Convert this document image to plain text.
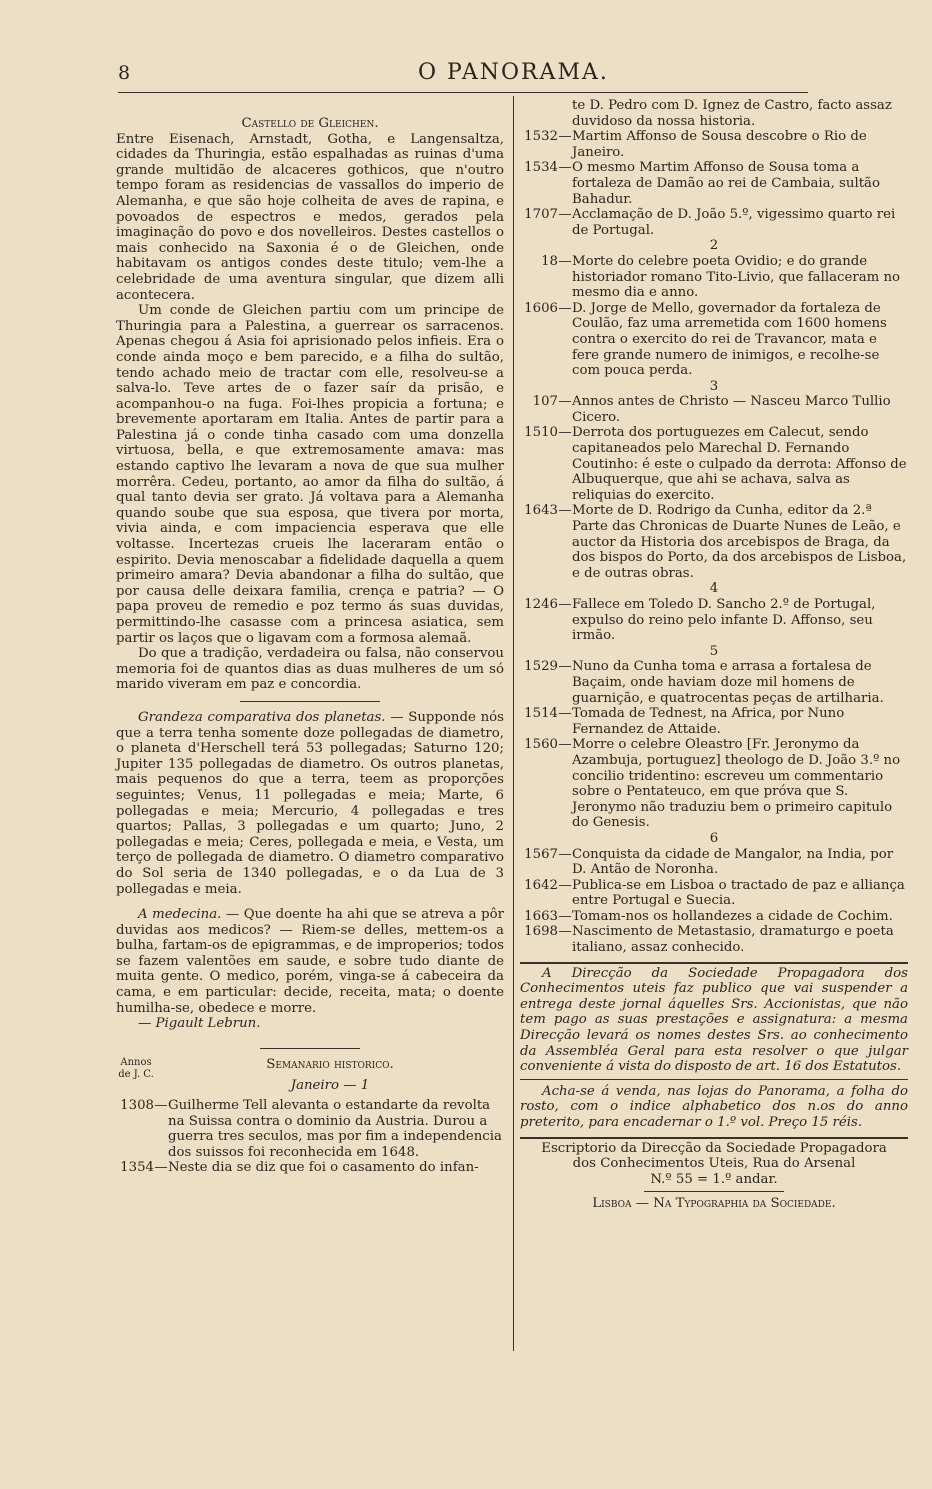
8	O PANORAMA.

Castello de Gleichen.

Entre Eisenach, Arnstadt, Gotha, e Langensaltza, cidades da Thuringia, estão espalhadas as ruinas d'uma grande multidão de alcaceres gothicos, que n'outro tempo foram as residencias de vassallos do imperio de Alemanha, e que são hoje colheita de aves de rapina, e povoados de espectros e medos, gerados pela imaginação do povo e dos novelleiros. Destes castellos o mais conhecido na Saxonia é o de Gleichen, onde habitavam os antigos condes deste titulo; vem-lhe a celebridade de uma aventura singular, que dizem alli acontecera.

Um conde de Gleichen partiu com um principe de Thuringia para a Palestina, a guerrear os sarracenos. Apenas chegou á Asia foi aprisionado pelos infieis. Era o conde ainda moço e bem parecido, e a filha do sultão, tendo achado meio de tractar com elle, resolveu-se a salva-lo. Teve artes de o fazer saír da prisão, e acompanhou-o na fuga. Foi-lhes propicia a fortuna; e brevemente aportaram em Italia. Antes de partir para a Palestina já o conde tinha casado com uma donzella virtuosa, bella, e que extremosamente amava: mas estando captivo lhe levaram a nova de que sua mulher morrêra. Cedeu, portanto, ao amor da filha do sultão, á qual tanto devia ser grato. Já voltava para a Alemanha quando soube que sua esposa, que tivera por morta, vivia ainda, e com impaciencia esperava que elle voltasse. Incertezas crueis lhe laceraram então o espirito. Devia menoscabar a fidelidade daquella a quem primeiro amara? Devia abandonar a filha do sultão, que por causa delle deixara familia, crença e patria? — O papa proveu de remedio e poz termo ás suas duvidas, permittindo-lhe casasse com a princesa asiatica, sem partir os laços que o ligavam com a formosa alemaã.

Do que a tradição, verdadeira ou falsa, não conservou memoria foi de quantos dias as duas mulheres de um só marido viveram em paz e concordia.

Grandeza comparativa dos planetas. — Supponde nós que a terra tenha somente doze pollegadas de diametro, o planeta d'Herschell terá 53 pollegadas; Saturno 120; Jupiter 135 pollegadas de diametro. Os outros planetas, mais pequenos do que a terra, teem as proporções seguintes; Venus, 11 pollegadas e meia; Marte, 6 pollegadas e meia; Mercurio, 4 pollegadas e tres quartos; Pallas, 3 pollegadas e um quarto; Juno, 2 pollegadas e meia; Ceres, pollegada e meia, e Vesta, um terço de pollegada de diametro. O diametro comparativo do Sol seria de 1340 pollegadas, e o da Lua de 3 pollegadas e meia.

A medecina. — Que doente ha ahi que se atreva a pôr duvidas aos medicos? — Riem-se delles, mettem-os a bulha, fartam-os de epigrammas, e de improperios; todos se fazem valentões em saude, e sobre tudo diante de muita gente. O medico, porém, vinga-se á cabeceira da cama, e em particular: decide, receita, mata; o doente humilha-se, obedece e morre.

— Pigault Lebrun.

Annos de J. C.
Semanario historico.
Janeiro — 1
1308 — Guilherme Tell alevanta o estandarte da revolta na Suissa contra o dominio da Austria. Durou a guerra tres seculos, mas por fim a independencia dos suissos foi reconhecida em 1648.
1354 — Neste dia se diz que foi o casamento do infan-
te D. Pedro com D. Ignez de Castro, facto assaz duvidoso da nossa historia.
1532 — Martim Affonso de Sousa descobre o Rio de Janeiro.
1534 — O mesmo Martim Affonso de Sousa toma a fortaleza de Damão ao rei de Cambaia, sultão Bahadur.
1707 — Acclamação de D. João 5.º, vigessimo quarto rei de Portugal.
2
18 — Morte do celebre poeta Ovidio; e do grande historiador romano Tito-Livio, que fallaceram no mesmo dia e anno.
1606 — D. Jorge de Mello, governador da fortaleza de Coulão, faz uma arremetida com 1600 homens contra o exercito do rei de Travancor, mata e fere grande numero de inimigos, e recolhe-se com pouca perda.
3
107 — Annos antes de Christo — Nasceu Marco Tullio Cicero.
1510 — Derrota dos portuguezes em Calecut, sendo capitaneados pelo Marechal D. Fernando Coutinho: é este o culpado da derrota: Affonso de Albuquerque, que ahi se achava, salva as reliquias do exercito.
1643 — Morte de D. Rodrigo da Cunha, editor da 2.ª Parte das Chronicas de Duarte Nunes de Leão, e auctor da Historia dos arcebispos de Braga, da dos bispos do Porto, da dos arcebispos de Lisboa, e de outras obras.
4
1246 — Fallece em Toledo D. Sancho 2.º de Portugal, expulso do reino pelo infante D. Affonso, seu irmão.
5
1529 — Nuno da Cunha toma e arrasa a fortalesa de Baçaim, onde haviam doze mil homens de guarnição, e quatrocentas peças de artilharia.
1514 — Tomada de Tednest, na Africa, por Nuno Fernandez de Attaide.
1560 — Morre o celebre Oleastro [Fr. Jeronymo da Azambuja, portuguez] theologo de D. João 3.º no concilio tridentino: escreveu um commentario sobre o Pentateuco, em que próva que S. Jeronymo não traduziu bem o primeiro capitulo do Genesis.
6
1567 — Conquista da cidade de Mangalor, na India, por D. Antão de Noronha.
1642 — Publica-se em Lisboa o tractado de paz e alliança entre Portugal e Suecia.
1663 — Tomam-nos os hollandezes a cidade de Cochim.
1698 — Nascimento de Metastasio, dramaturgo e poeta italiano, assaz conhecido.

A Direcção da Sociedade Propagadora dos Conhecimentos uteis faz publico que vai suspender a entrega deste jornal áquelles Srs. Accionistas, que não tem pago as suas prestações e assignatura: a mesma Direcção levará os nomes destes Srs. ao conhecimento da Assembléa Geral para esta resolver o que julgar conveniente á vista do disposto de art. 16 dos Estatutos.

Acha-se á venda, nas lojas do Panorama, a folha do rosto, com o indice alphabetico dos n.os do anno preterito, para encadernar o 1.º vol. Preço 15 réis.

Escriptorio da Direcção da Sociedade Propagadora

dos Conhecimentos Uteis, Rua do Arsenal

N.º 55 = 1.º andar.

Lisboa — Na Typographia da Sociedade.
